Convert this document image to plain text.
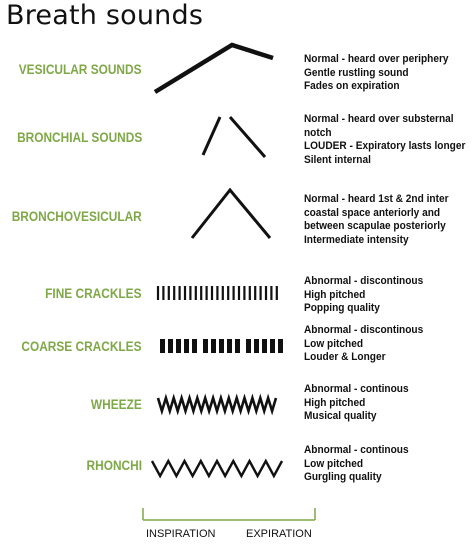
Breath sounds
VESICULAR SOUNDS
BRONCHIAL SOUNDS
BRONCHOVESICULAR
FINE CRACKLES
COARSE CRACKLES
WHEEZE
RHONCHI
Normal - heard over periphery
Gentle rustling sound
Fades on expiration
Normal - heard over substernal
notch
LOUDER - Expiratory lasts longer
Silent internal
Normal - heard 1st & 2nd inter
coastal space anteriorly and
between scapulae posteriorly
Intermediate intensity
Abnormal - discontinous
High pitched
Popping quality
Abnormal - discontinous
Low pitched
Louder & Longer
Abnormal - continous
High pitched
Musical quality
Abnormal - continous
Low pitched
Gurgling quality
INSPIRATION	EXPIRATION
